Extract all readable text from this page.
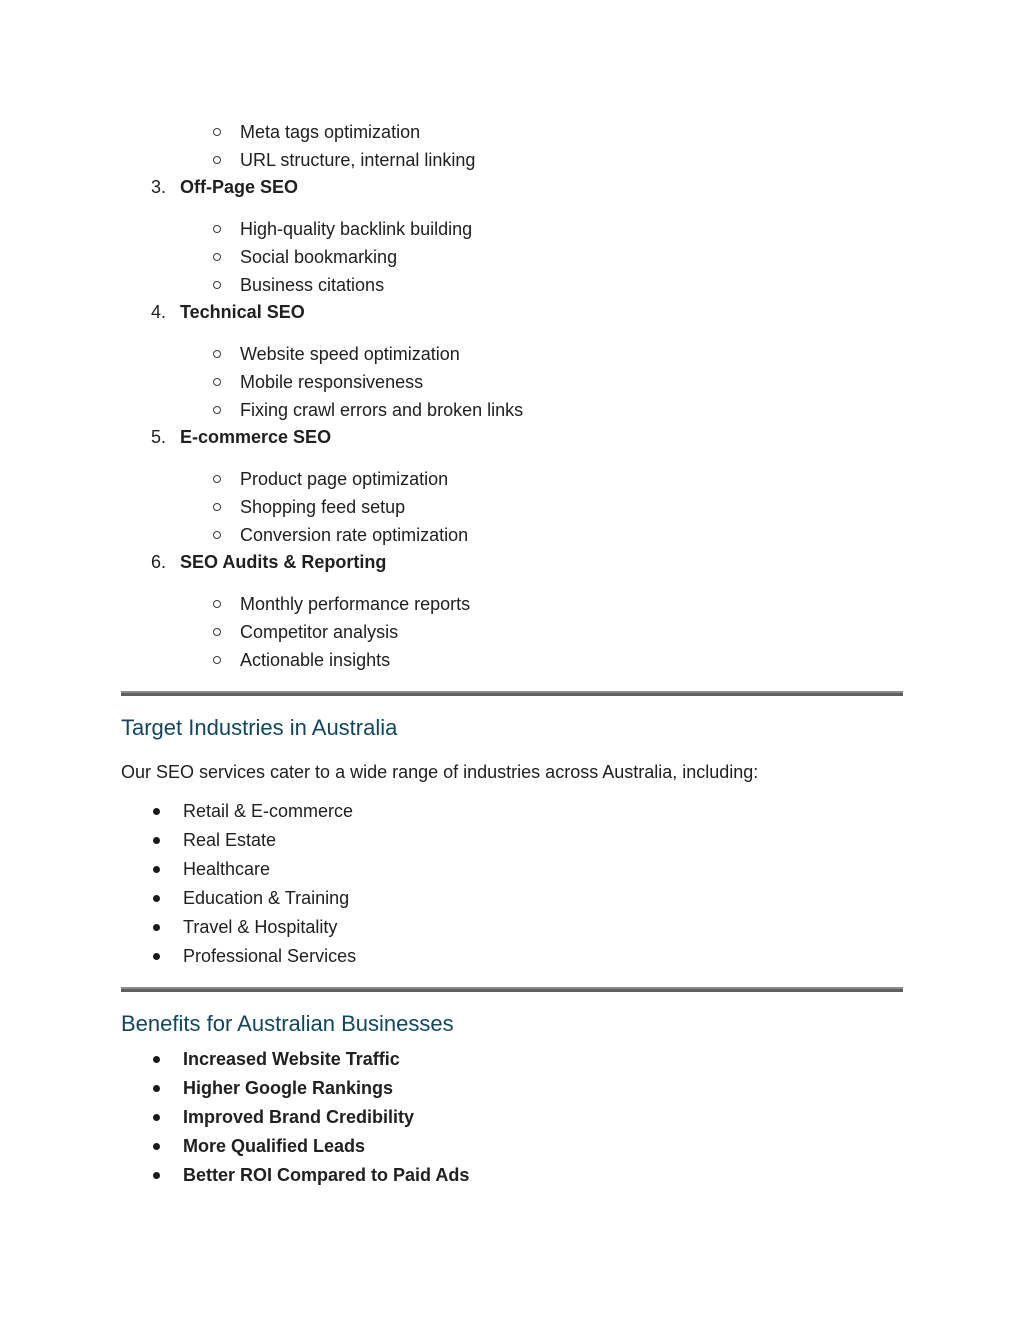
Meta tags optimization
URL structure, internal linking
3. Off-Page SEO
High-quality backlink building
Social bookmarking
Business citations
4. Technical SEO
Website speed optimization
Mobile responsiveness
Fixing crawl errors and broken links
5. E-commerce SEO
Product page optimization
Shopping feed setup
Conversion rate optimization
6. SEO Audits & Reporting
Monthly performance reports
Competitor analysis
Actionable insights
Target Industries in Australia

Our SEO services cater to a wide range of industries across Australia, including:

Retail & E-commerce
Real Estate
Healthcare
Education & Training
Travel & Hospitality
Professional Services
Benefits for Australian Businesses
Increased Website Traffic
Higher Google Rankings
Improved Brand Credibility
More Qualified Leads
Better ROI Compared to Paid Ads
